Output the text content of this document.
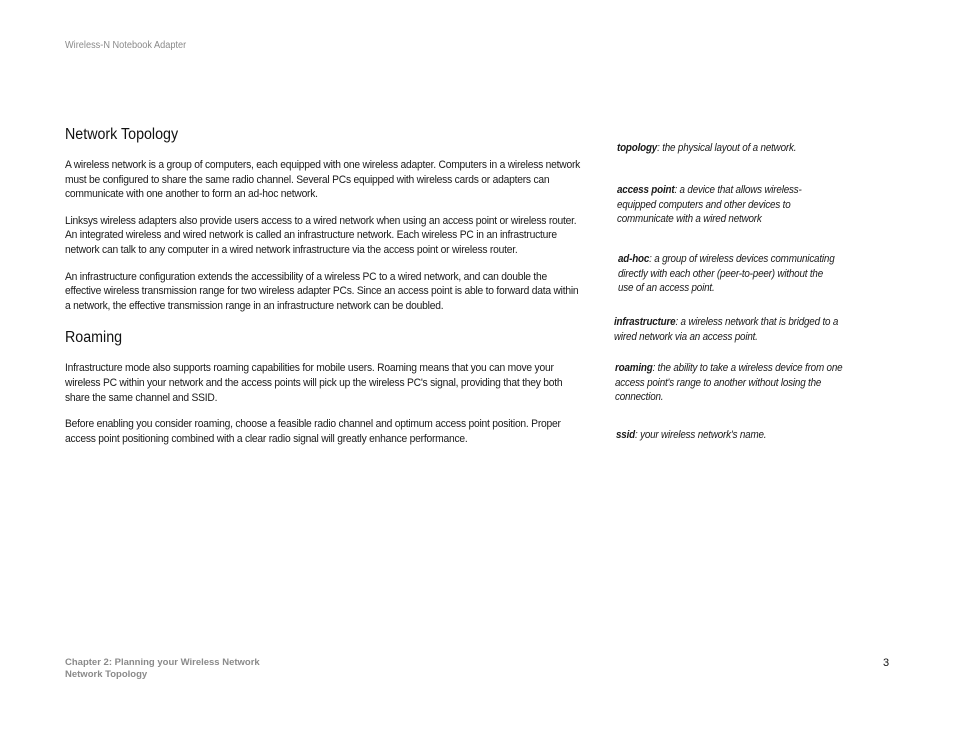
Wireless-N Notebook Adapter
Network Topology

A wireless network is a group of computers, each equipped with one wireless adapter. Computers in a wireless network must be configured to share the same radio channel. Several PCs equipped with wireless cards or adapters can communicate with one another to form an ad-hoc network.

Linksys wireless adapters also provide users access to a wired network when using an access point or wireless router. An integrated wireless and wired network is called an infrastructure network. Each wireless PC in an infrastructure network can talk to any computer in a wired network infrastructure via the access point or wireless router.

An infrastructure configuration extends the accessibility of a wireless PC to a wired network, and can double the effective wireless transmission range for two wireless adapter PCs. Since an access point is able to forward data within a network, the effective transmission range in an infrastructure network can be doubled.

Roaming

Infrastructure mode also supports roaming capabilities for mobile users. Roaming means that you can move your wireless PC within your network and the access points will pick up the wireless PC's signal, providing that they both share the same channel and SSID.

Before enabling you consider roaming, choose a feasible radio channel and optimum access point position. Proper access point positioning combined with a clear radio signal will greatly enhance performance.

topology: the physical layout of a network.
access point: a device that allows wireless-equipped computers and other devices to communicate with a wired network
ad-hoc: a group of wireless devices communicating directly with each other (peer-to-peer) without the use of an access point.
infrastructure: a wireless network that is bridged to a wired network via an access point.
roaming: the ability to take a wireless device from one access point's range to another without losing the connection.
ssid: your wireless network's name.
Chapter 2: Planning your Wireless Network
Network Topology
3
